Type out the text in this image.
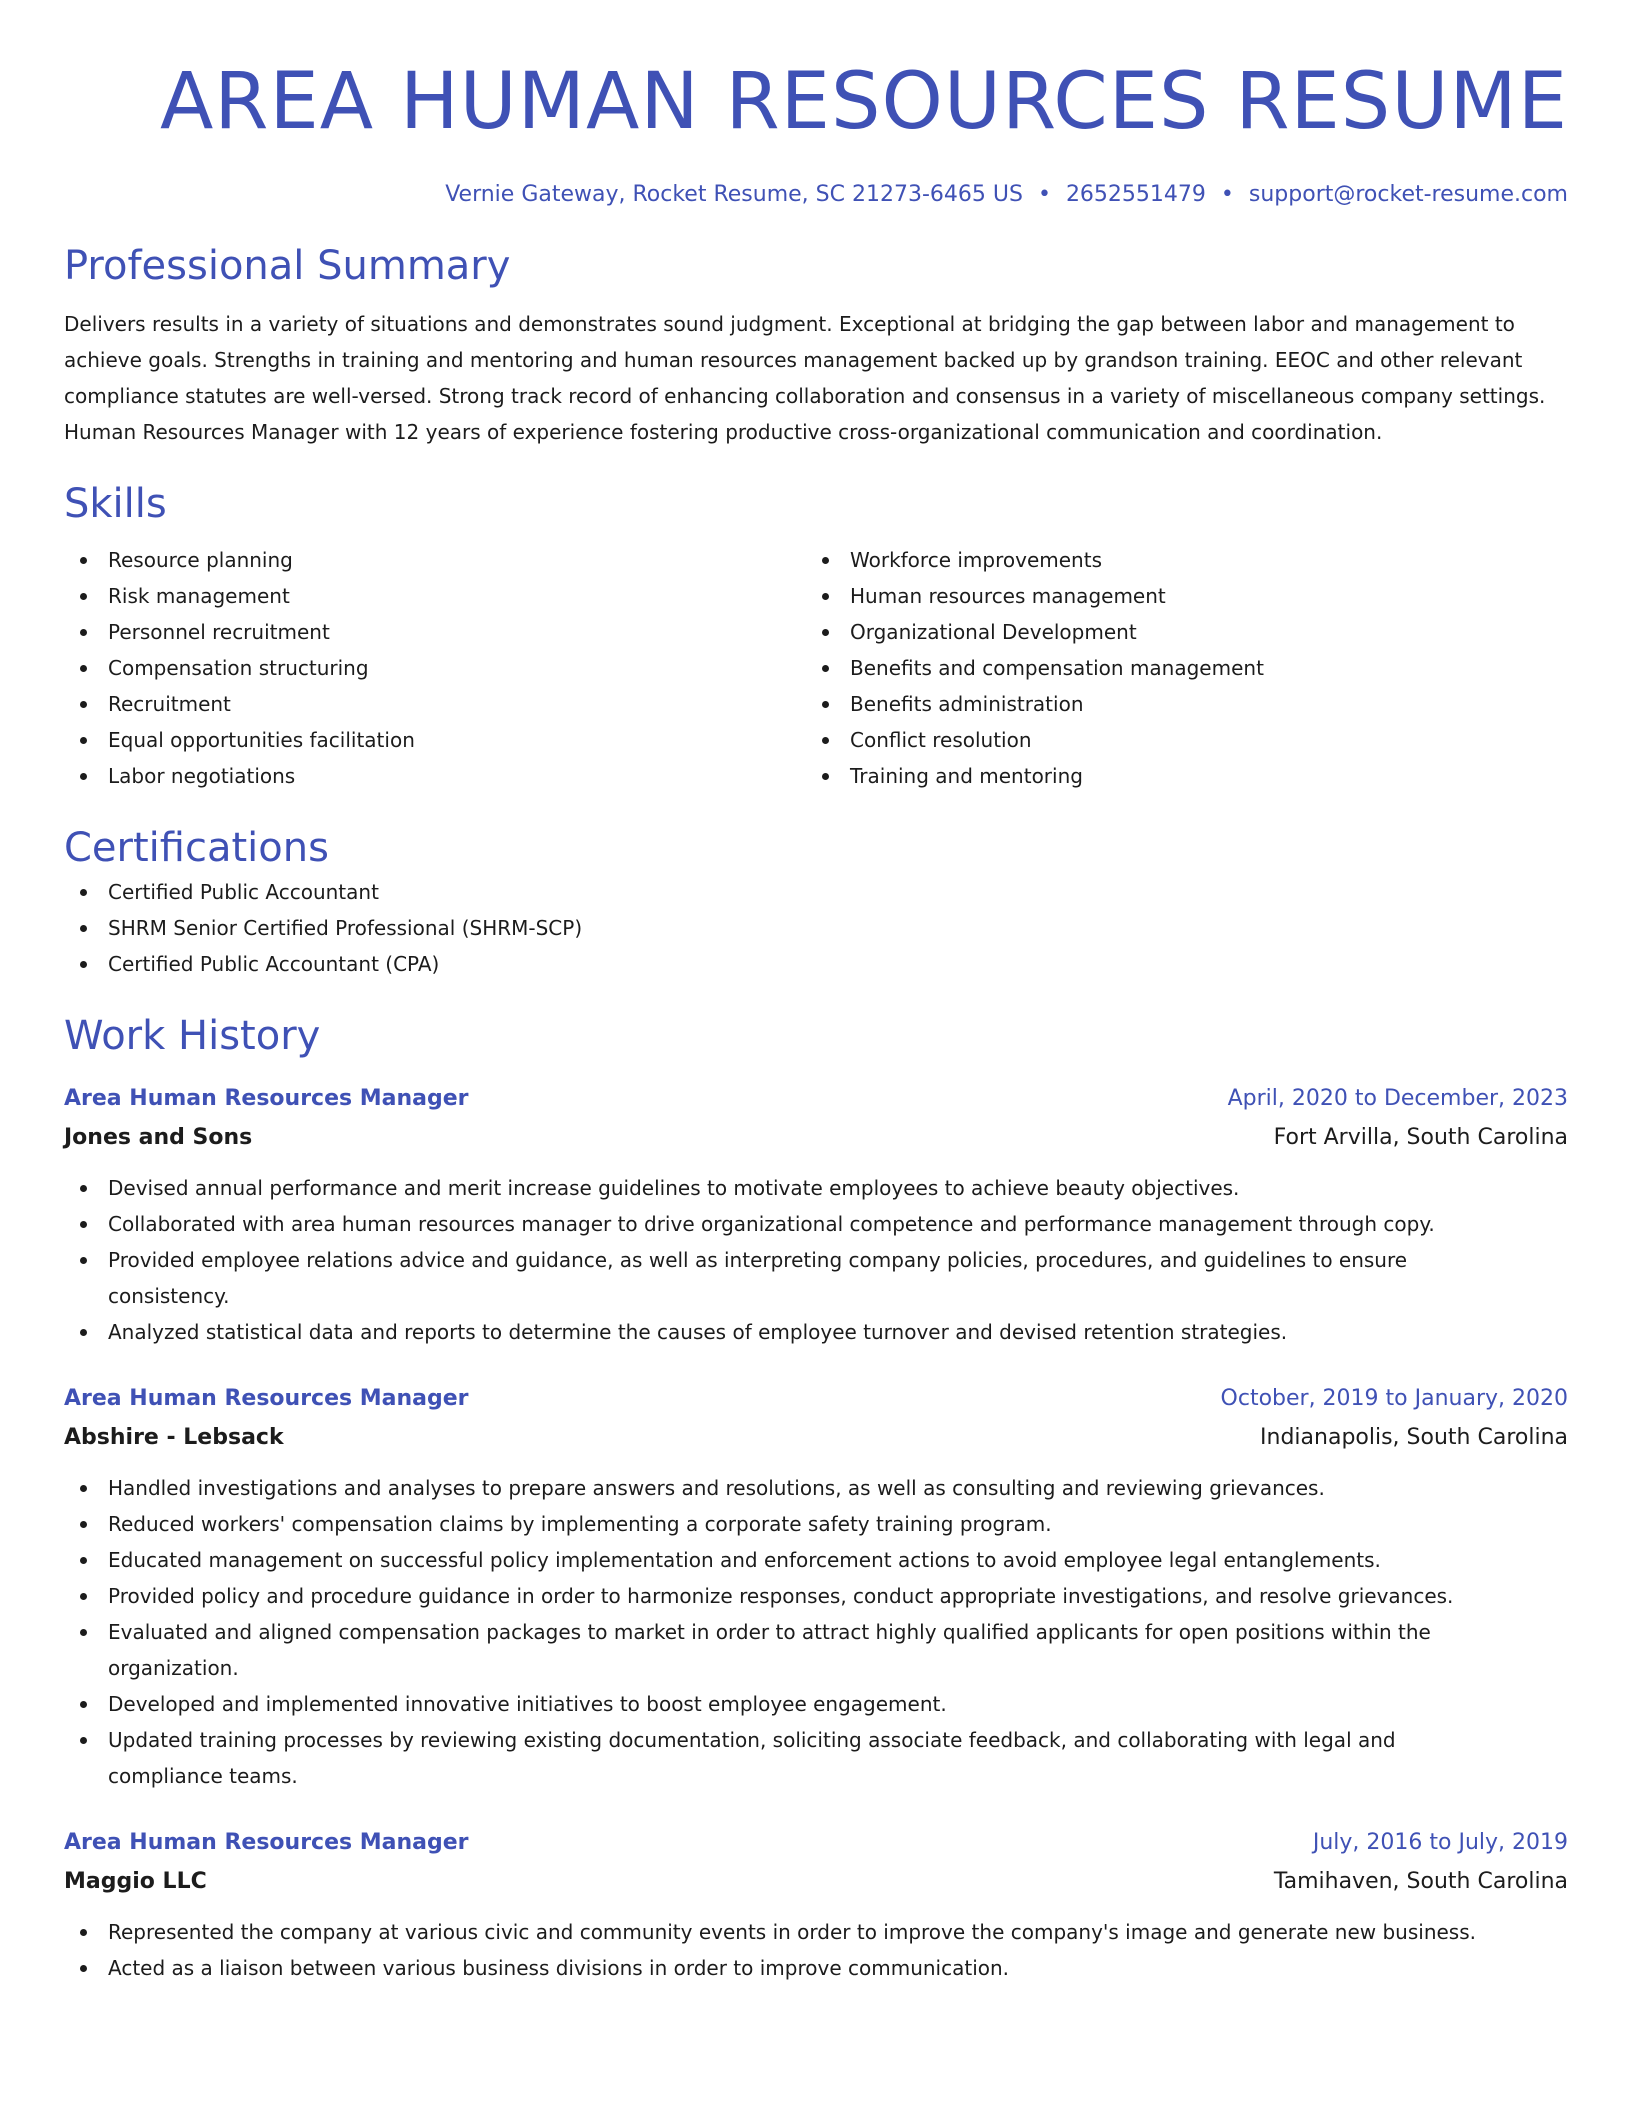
AREA HUMAN RESOURCES RESUME
Vernie Gateway, Rocket Resume, SC 21273-6465 US • 2652551479 • support@rocket-resume.com
Professional Summary

Delivers results in a variety of situations and demonstrates sound judgment. Exceptional at bridging the gap between labor and management to achieve goals. Strengths in training and mentoring and human resources management backed up by grandson training. EEOC and other relevant compliance statutes are well-versed. Strong track record of enhancing collaboration and consensus in a variety of miscellaneous company settings. Human Resources Manager with 12 years of experience fostering productive cross-organizational communication and coordination.

Skills
Resource planning
Risk management
Personnel recruitment
Compensation structuring
Recruitment
Equal opportunities facilitation
Labor negotiations
Workforce improvements
Human resources management
Organizational Development
Benefits and compensation management
Benefits administration
Conflict resolution
Training and mentoring
Certifications
Certified Public Accountant
SHRM Senior Certified Professional (SHRM-SCP)
Certified Public Accountant (CPA)
Work History
Area Human Resources Manager	April, 2020 to December, 2023
Jones and Sons	Fort Arvilla, South Carolina
Devised annual performance and merit increase guidelines to motivate employees to achieve beauty objectives.
Collaborated with area human resources manager to drive organizational competence and performance management through copy.
Provided employee relations advice and guidance, as well as interpreting company policies, procedures, and guidelines to ensure consistency.
Analyzed statistical data and reports to determine the causes of employee turnover and devised retention strategies.
Area Human Resources Manager	October, 2019 to January, 2020
Abshire - Lebsack	Indianapolis, South Carolina
Handled investigations and analyses to prepare answers and resolutions, as well as consulting and reviewing grievances.
Reduced workers' compensation claims by implementing a corporate safety training program.
Educated management on successful policy implementation and enforcement actions to avoid employee legal entanglements.
Provided policy and procedure guidance in order to harmonize responses, conduct appropriate investigations, and resolve grievances.
Evaluated and aligned compensation packages to market in order to attract highly qualified applicants for open positions within the organization.
Developed and implemented innovative initiatives to boost employee engagement.
Updated training processes by reviewing existing documentation, soliciting associate feedback, and collaborating with legal and compliance teams.
Area Human Resources Manager	July, 2016 to July, 2019
Maggio LLC	Tamihaven, South Carolina
Represented the company at various civic and community events in order to improve the company's image and generate new business.
Acted as a liaison between various business divisions in order to improve communication.
